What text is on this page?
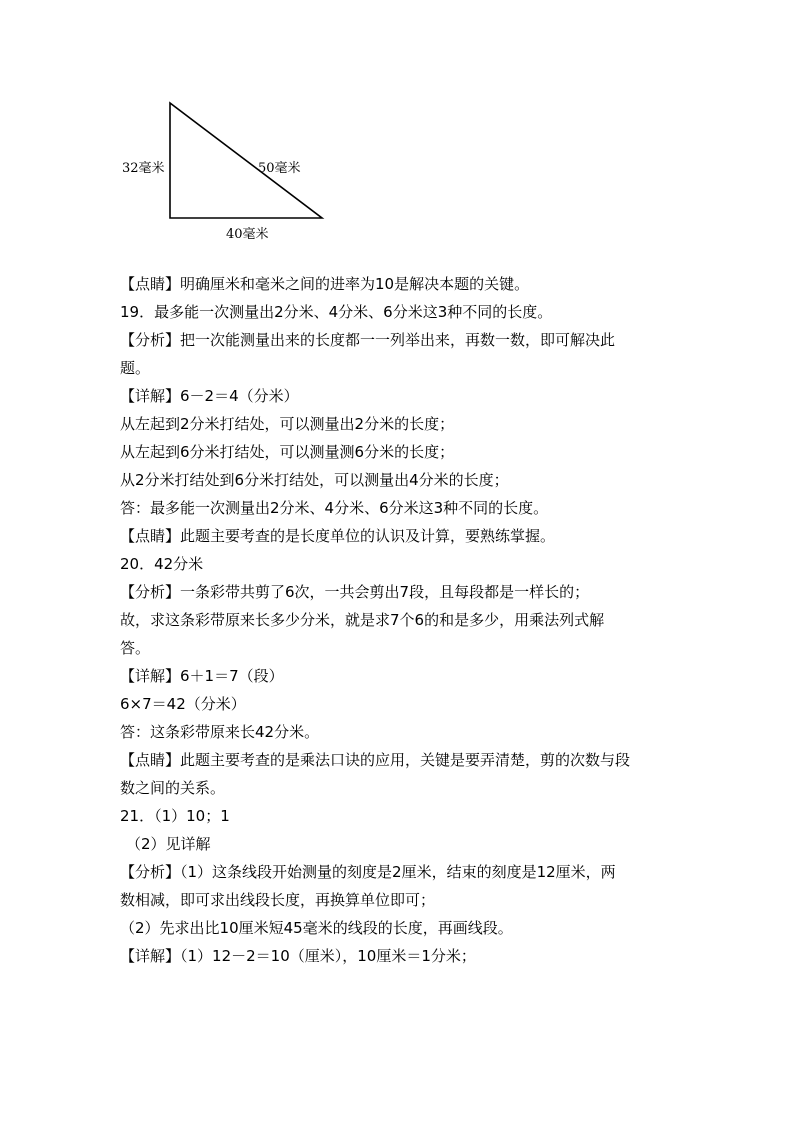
32毫米	50毫米
40毫米
【点睛】明确厘米和毫米之间的进率为10是解决本题的关键。
19．最多能一次测量出2分米、4分米、6分米这3种不同的长度。
【分析】把一次能测量出来的长度都一一列举出来，再数一数，即可解决此
题。
【详解】6－2＝4（分米）
从左起到2分米打结处，可以测量出2分米的长度；
从左起到6分米打结处，可以测量测6分米的长度；
从2分米打结处到6分米打结处，可以测量出4分米的长度；
答：最多能一次测量出2分米、4分米、6分米这3种不同的长度。
【点睛】此题主要考查的是长度单位的认识及计算，要熟练掌握。
20．42分米
【分析】一条彩带共剪了6次，一共会剪出7段，且每段都是一样长的；
故，求这条彩带原来长多少分米，就是求7个6的和是多少，用乘法列式解
答。
【详解】6＋1＝7（段）
6×7＝42（分米）
答：这条彩带原来长42分米。
【点睛】此题主要考查的是乘法口诀的应用，关键是要弄清楚，剪的次数与段
数之间的关系。
21．（1）10；1
（2）见详解
【分析】（1）这条线段开始测量的刻度是2厘米，结束的刻度是12厘米，两
数相减，即可求出线段长度，再换算单位即可；
（2）先求出比10厘米短45毫米的线段的长度，再画线段。
【详解】（1）12－2＝10（厘米），10厘米＝1分米；
